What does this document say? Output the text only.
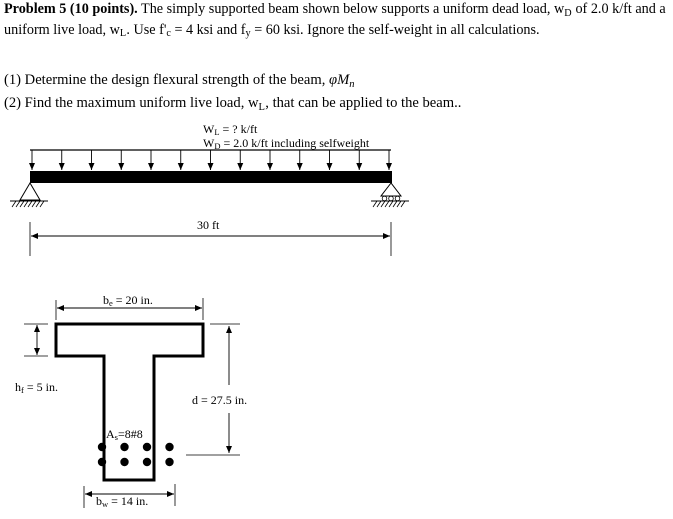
Problem 5 (10 points). The simply supported beam shown below supports a uniform dead load, wD of 2.0 k/ft and a uniform live load, wL. Use f'c = 4 ksi and fy = 60 ksi. Ignore the self-weight in all calculations.
(1) Determine the design flexural strength of the beam, φMn
(2) Find the maximum uniform live load, wL, that can be applied to the beam..
WL = ? k/ft
WD = 2.0 k/ft including selfweight
30 ft
be = 20 in.
hf = 5 in.
d = 27.5 in.
As=8#8
bw = 14 in.
